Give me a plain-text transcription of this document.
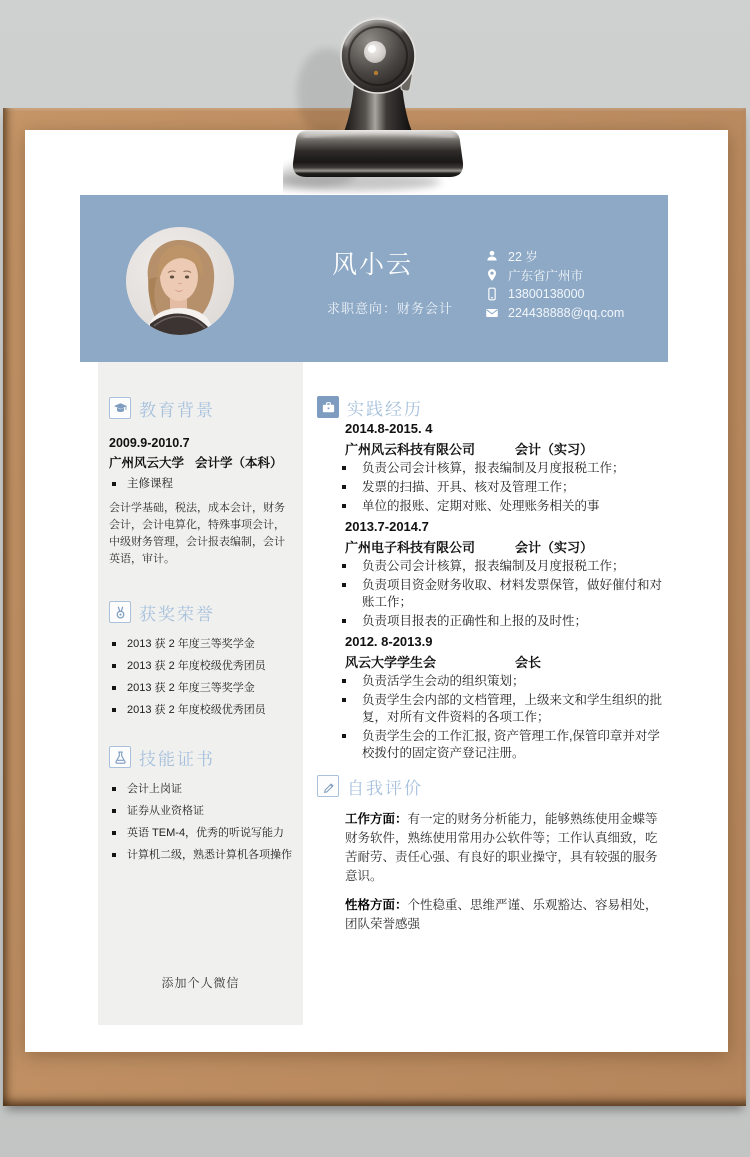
风小云
求职意向：财务会计
22 岁
广东省广州市
13800138000
224438888@qq.com
教育背景
2009.9-2010.7
广州风云大学 会计学（本科）
主修课程

会计学基础，税法，成本会计，财务会计，会计电算化，特殊事项会计，中级财务管理，会计报表编制，会计英语，审计。

获奖荣誉
2013 获 2 年度三等奖学金
2013 获 2 年度校级优秀团员
2013 获 2 年度三等奖学金
2013 获 2 年度校级优秀团员
技能证书
会计上岗证
证券从业资格证
英语 TEM-4，优秀的听说写能力
计算机二级，熟悉计算机各项操作
添加个人微信
实践经历
2014.8-2015. 4
广州风云科技有限公司	会计（实习）
负责公司会计核算，报表编制及月度报税工作；
发票的扫描、开具、核对及管理工作；
单位的报账、定期对账、处理账务相关的事
2013.7-2014.7
广州电子科技有限公司	会计（实习）
负责公司会计核算，报表编制及月度报税工作；
负责项目资金财务收取、材料发票保管，做好催付和对账工作；
负责项目报表的正确性和上报的及时性；
2012. 8-2013.9
风云大学学生会	会长
负责活学生会动的组织策划；
负责学生会内部的文档管理，上级来文和学生组织的批复，对所有文件资料的各项工作；
负责学生会的工作汇报, 资产管理工作,保管印章并对学校拨付的固定资产登记注册。
自我评价

工作方面：有一定的财务分析能力，能够熟练使用金蝶等财务软件，熟练使用常用办公软件等；工作认真细致，吃苦耐劳、责任心强、有良好的职业操守，具有较强的服务意识。

性格方面：个性稳重、思维严谨、乐观豁达、容易相处，团队荣誉感强
